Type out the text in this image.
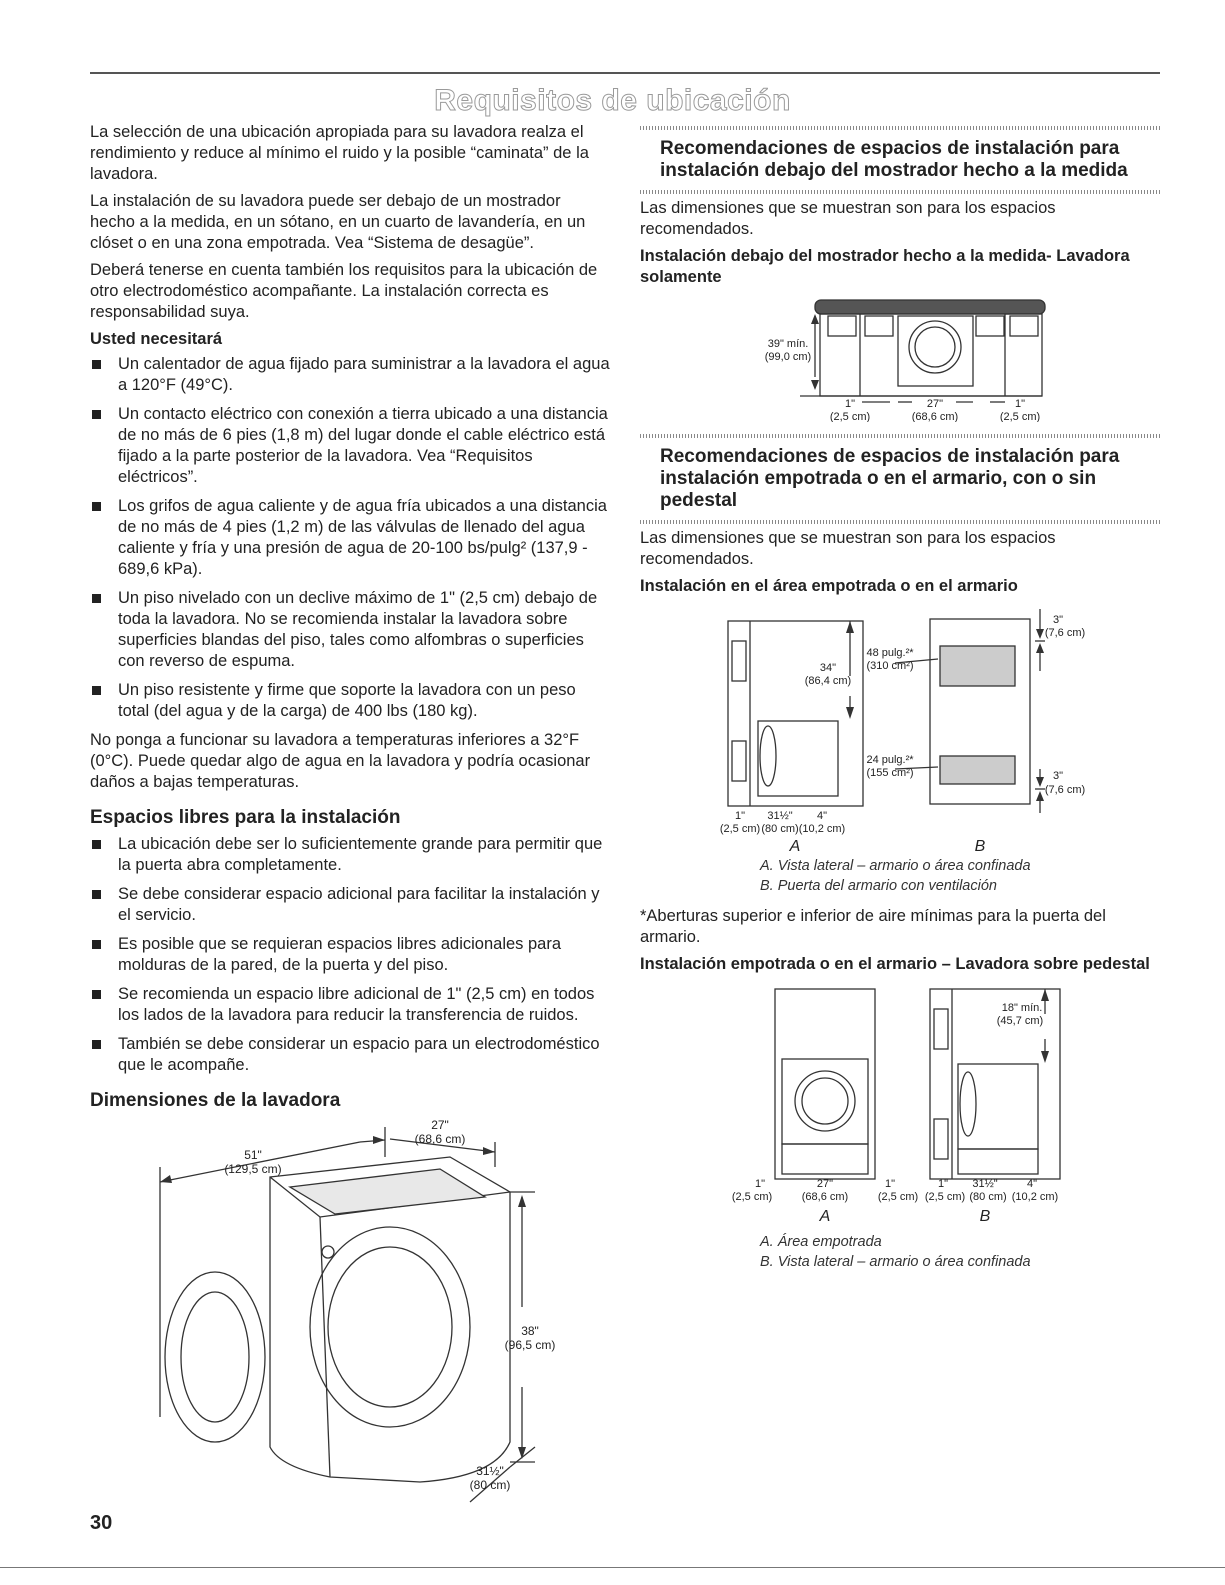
Requisitos de ubicación

La selección de una ubicación apropiada para su lavadora realza el rendimiento y reduce al mínimo el ruido y la posible “caminata” de la lavadora.

La instalación de su lavadora puede ser debajo de un mostrador hecho a la medida, en un sótano, en un cuarto de lavandería, en un clóset o en una zona empotrada. Vea “Sistema de desagüe”.

Deberá tenerse en cuenta también los requisitos para la ubicación de otro electrodoméstico acompañante. La instalación correcta es responsabilidad suya.

Usted necesitará
Un calentador de agua fijado para suministrar a la lavadora el agua a 120°F (49°C).
Un contacto eléctrico con conexión a tierra ubicado a una distancia de no más de 6 pies (1,8 m) del lugar donde el cable eléctrico está fijado a la parte posterior de la lavadora. Vea “Requisitos eléctricos”.
Los grifos de agua caliente y de agua fría ubicados a una distancia de no más de 4 pies (1,2 m) de las válvulas de llenado del agua caliente y fría y una presión de agua de 20-100 bs/pulg² (137,9 - 689,6 kPa).
Un piso nivelado con un declive máximo de 1" (2,5 cm) debajo de toda la lavadora. No se recomienda instalar la lavadora sobre superficies blandas del piso, tales como alfombras o superficies con reverso de espuma.
Un piso resistente y firme que soporte la lavadora con un peso total (del agua y de la carga) de 400 lbs (180 kg).

No ponga a funcionar su lavadora a temperaturas inferiores a 32°F (0°C). Puede quedar algo de agua en la lavadora y podría ocasionar daños a bajas temperaturas.

Espacios libres para la instalación
La ubicación debe ser lo suficientemente grande para permitir que la puerta abra completamente.
Se debe considerar espacio adicional para facilitar la instalación y el servicio.
Es posible que se requieran espacios libres adicionales para molduras de la pared, de la puerta y del piso.
Se recomienda un espacio libre adicional de 1" (2,5 cm) en todos los lados de la lavadora para reducir la transferencia de ruidos.
También se debe considerar un espacio para un electrodoméstico que le acompañe.
Dimensiones de la lavadora
51"
(129,5 cm)
27"
(68,6 cm)
38"
(96,5 cm)
31½"
(80 cm)
Recomendaciones de espacios de instalación para instalación debajo del mostrador hecho a la medida

Las dimensiones que se muestran son para los espacios recomendados.

Instalación debajo del mostrador hecho a la medida- Lavadora solamente
39" mín.
(99,0 cm)
1"
(2,5 cm)
27"
(68,6 cm)
1"
(2,5 cm)
Recomendaciones de espacios de instalación para instalación empotrada o en el armario, con o sin pedestal

Las dimensiones que se muestran son para los espacios recomendados.

Instalación en el área empotrada o en el armario
34"
(86,4 cm)
48 pulg.²*
(310 cm²)
24 pulg.²*
(155 cm²)
3"
(7,6 cm)
3"
(7,6 cm)
1" 31½" 4"
(2,5 cm) (80 cm) (10,2 cm)
A	B
A. Vista lateral – armario o área confinada
B. Puerta del armario con ventilación

*Aberturas superior e inferior de aire mínimas para la puerta del armario.

Instalación empotrada o en el armario – Lavadora sobre pedestal
18" mín.
(45,7 cm)
1"	27"	1"
(2,5 cm)	(68,6 cm)	(2,5 cm)
1" 31½"	4"
(2,5 cm) (80 cm) (10,2 cm)
A	B
A. Área empotrada
B. Vista lateral – armario o área confinada
30
